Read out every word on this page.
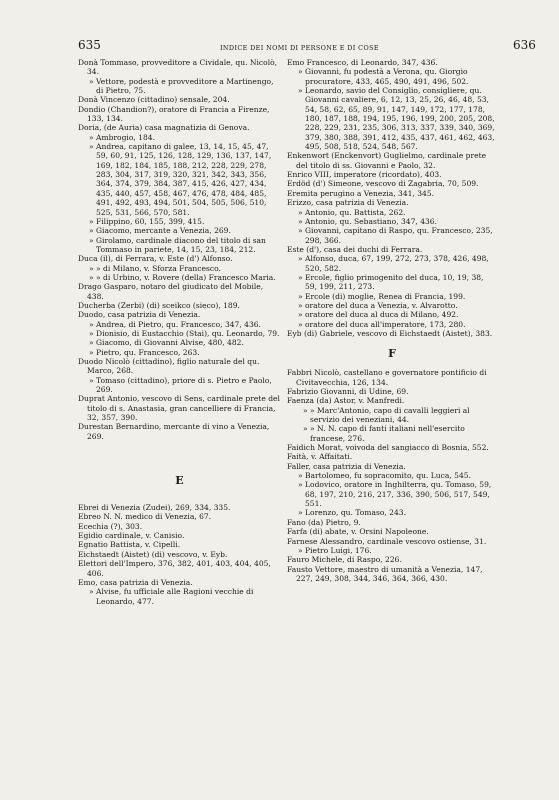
635	INDICE DEI NOMI DI PERSONE E DI COSE	636
Donà Tommaso, provveditore a Cividale, qu. Nicolò, 34.
» Vettore, podestà e provveditore a Martinengo, di Pietro, 75.
Donà Vincenzo (cittadino) sensale, 204.
Dondio (Chandion?), oratore di Francia a Firenze, 133, 134.
Doria, (de Auria) casa magnatizia di Genova.
» Ambrogio, 184.
» Andrea, capitano di galee, 13, 14, 15, 45, 47, 59, 60, 91, 125, 126, 128, 129, 136, 137, 147, 169, 182, 184, 185, 188, 212, 228, 229, 278, 283, 304, 317, 319, 320, 321, 342, 343, 356, 364, 374, 379, 384, 387, 415, 426, 427, 434, 435, 440, 457, 458, 467, 476, 478, 484, 485, 491, 492, 493, 494, 501, 504, 505, 506, 510, 525, 531, 566, 570, 581.
» Filippino, 60, 155, 399, 415.
» Giacomo, mercante a Venezia, 269.
» Girolamo, cardinale diacono del titolo di san Tommaso in pariete, 14, 15, 23, 184, 212.
Duca (il), di Ferrara, v. Este (d') Alfonso.
» » di Milano, v. Sforza Francesco.
» » di Urbino, v. Rovere (della) Francesco Maria.
Drago Gasparo, notaro del giudicato del Mobile, 438.
Ducherba (Zerbi) (di) sceikco (sieco), 189.
Duodo, casa patrizia di Venezia.
» Andrea, di Pietro, qu. Francesco, 347, 436.
» Dionisio, di Eustacchio (Stai), qu. Leonardo, 79.
» Giacomo, di Giovanni Alvise, 480, 482.
» Pietro, qu. Francesco, 263.
Duodo Nicolò (cittadino), figlio naturale del qu. Marco, 268.
» Tomaso (cittadino), priore di s. Pietro e Paolo, 269.
Duprat Antonio, vescovo di Sens, cardinale prete del titolo di s. Anastasia, gran cancelliere di Francia, 32, 357, 390.
Durestan Bernardino, mercante di vino a Venezia, 269.
E
Ebrei di Venezia (Zudei), 269, 334, 335.
Ebreo N. N. medico di Venezia, 67.
Ecechia (?), 303.
Egidio cardinale, v. Canisio.
Egnatio Battista, v. Cipelli.
Eichstaedt (Aistet) (di) vescovo, v. Eyb.
Elettori dell'Impero, 376, 382, 401, 403, 404, 405, 406.
Emo, casa patrizia di Venezia.
» Alvise, fu ufficiale alle Ragioni vecchie di Leonardo, 477.
Emo Francesco, di Leonardo, 347, 436.
» Giovanni, fu podestà a Verona, qu. Giorgio procuratore, 433, 465, 490, 491, 496, 502.
» Leonardo, savio del Consiglio, consigliere, qu. Giovanni cavaliere, 6, 12, 13, 25, 26, 46, 48, 53, 54, 58, 62, 65, 89, 91, 147, 149, 172, 177, 178, 180, 187, 188, 194, 195, 196, 199, 200, 205, 208, 228, 229, 231, 235, 306, 313, 337, 339, 340, 369, 379, 380, 388, 391, 412, 435, 437, 461, 462, 463, 495, 508, 518, 524, 548, 567.
Enkenwort (Enckenvort) Guglielmo, cardinale prete del titolo di ss. Giovanni e Paolo, 32.
Enrico VIII, imperatore (ricordato), 403.
Erdöd (d') Simeone, vescovo di Zagabria, 70, 509.
Eremita perugino a Venezia, 341, 345.
Erizzo, casa patrizia di Venezia.
» Antonio, qu. Battista, 262.
» Antonio, qu. Sebastiano, 347, 436.
» Giovanni, capitano di Raspo, qu. Francesco, 235, 298, 366.
Este (d'), casa dei duchi di Ferrara.
» Alfonso, duca, 67, 199, 272, 273, 378, 426, 498, 520, 582.
» Ercole, figlio primogenito del duca, 10, 19, 38, 59, 199, 211, 273.
» Ercole (di) moglie, Renea di Francia, 199.
» oratore del duca a Venezia, v. Alvarotto.
» oratore del duca al duca di Milano, 492.
» oratore del duca all'imperatore, 173, 280.
Eyb (di) Gabriele, vescovo di Eichstaedt (Aistet), 383.
F
Fabbri Nicolò, castellano e governatore pontificio di Civitavecchia, 126, 134.
Fabrizio Giovanni, di Udine, 69.
Faenza (da) Astor, v. Manfredi.
» » Marc'Antonio, capo di cavalli leggieri al servizio dei veneziani, 44.
» » N. N. capo di fanti italiani nell'esercito francese, 276.
Faidich Morat, voivoda del sangiacco di Bosnia, 552.
Faità, v. Affaitati.
Faller, casa patrizia di Venezia.
» Bartolomeo, fu sopracomito, qu. Luca, 545.
» Lodovico, oratore in Inghilterra, qu. Tomaso, 59, 68, 197, 210, 216, 217, 336, 390, 506, 517, 549, 551.
» Lorenzo, qu. Tomaso, 243.
Fano (da) Pietro, 9.
Farfa (di) abate, v. Orsini Napoleone.
Farnese Alessandro, cardinale vescovo ostiense, 31.
» Pietro Luigi, 176.
Fauro Michele, di Raspo, 226.
Fausto Vettore, maestro di umanità a Venezia, 147, 227, 249, 308, 344, 346, 364, 366, 430.
